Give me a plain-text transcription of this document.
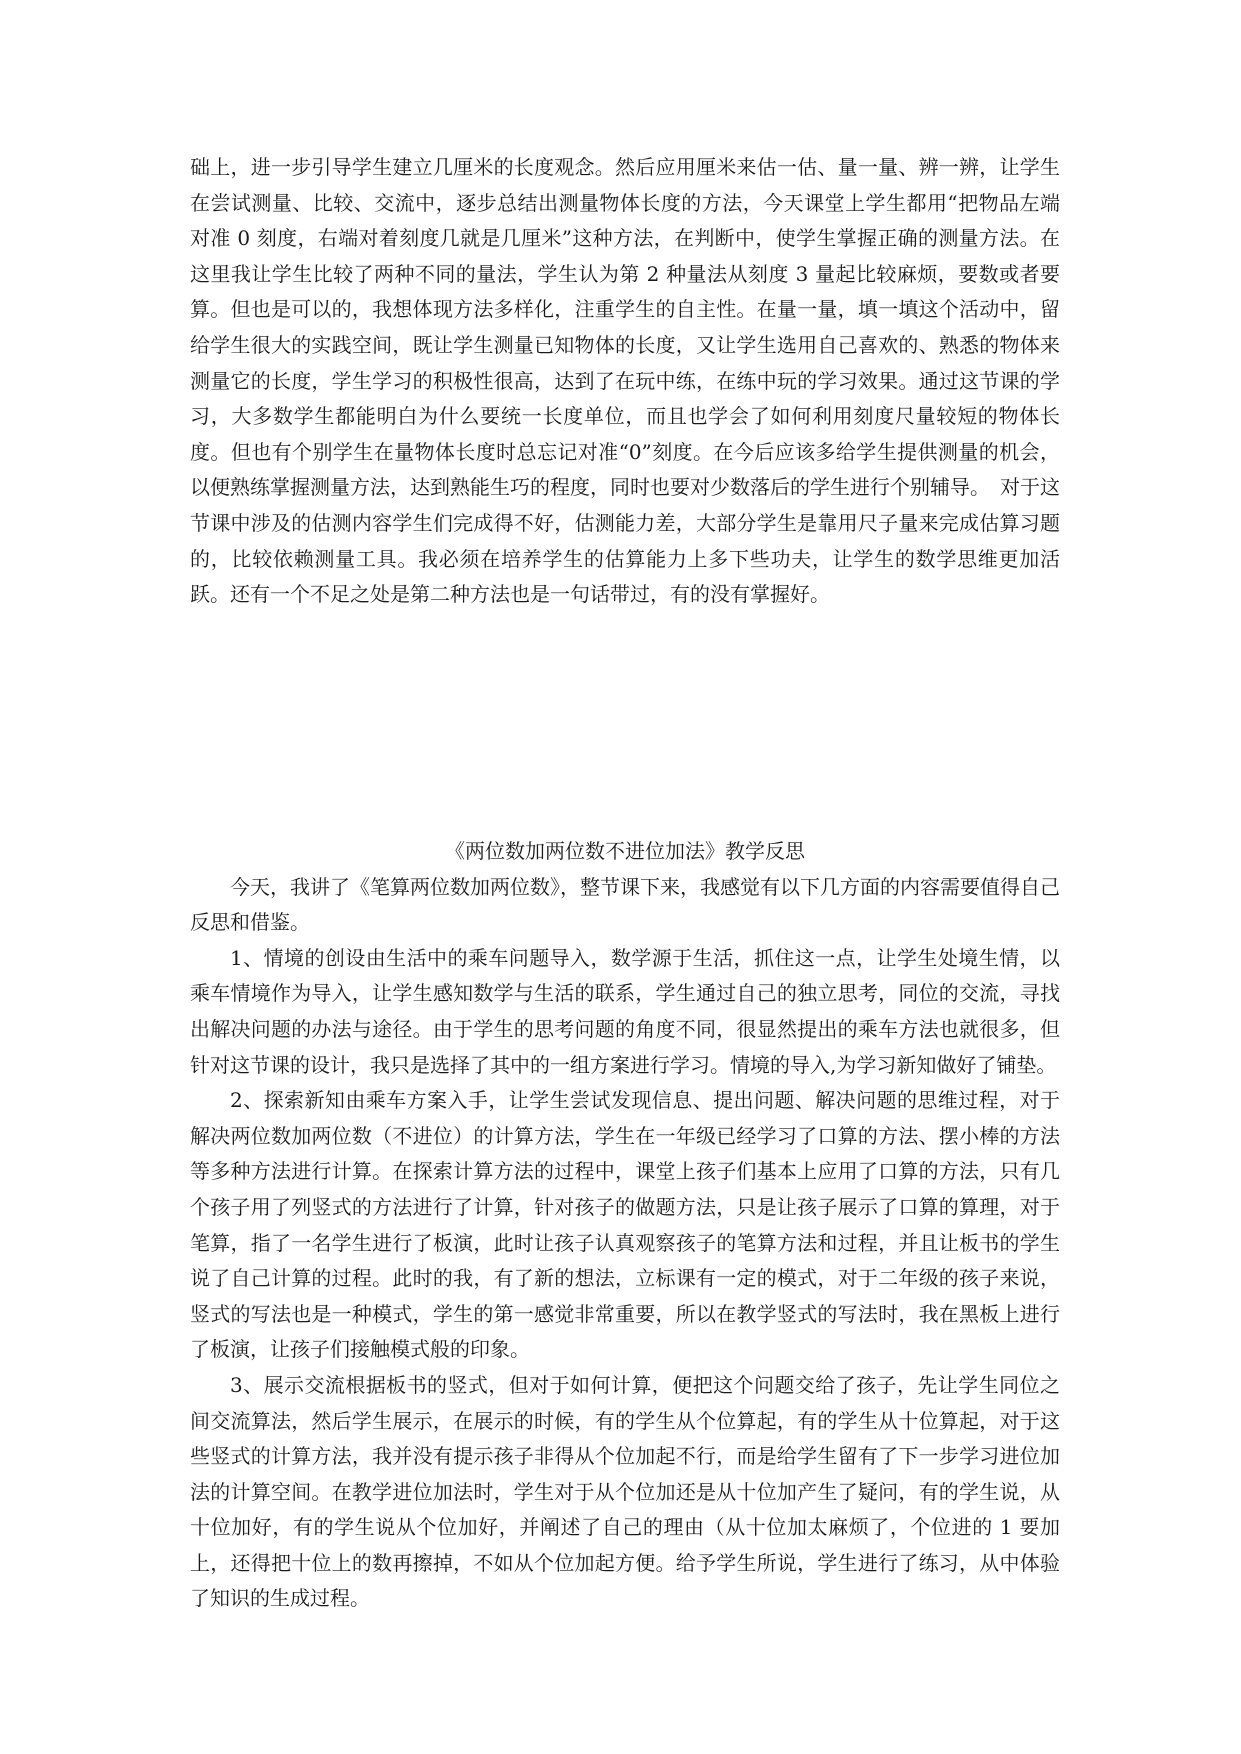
础上，进一步引导学生建立几厘米的长度观念。然后应用厘米来估一估、量一量、辨一辨，让学生在尝试测量、比较、交流中，逐步总结出测量物体长度的方法，今天课堂上学生都用“把物品左端对准 0 刻度，右端对着刻度几就是几厘米”这种方法，在判断中，使学生掌握正确的测量方法。在这里我让学生比较了两种不同的量法，学生认为第 2 种量法从刻度 3 量起比较麻烦，要数或者要算。但也是可以的，我想体现方法多样化，注重学生的自主性。在量一量，填一填这个活动中，留给学生很大的实践空间，既让学生测量已知物体的长度，又让学生选用自己喜欢的、熟悉的物体来测量它的长度，学生学习的积极性很高，达到了在玩中练，在练中玩的学习效果。通过这节课的学习，大多数学生都能明白为什么要统一长度单位，而且也学会了如何利用刻度尺量较短的物体长度。但也有个别学生在量物体长度时总忘记对准“0”刻度。在今后应该多给学生提供测量的机会，以便熟练掌握测量方法，达到熟能生巧的程度，同时也要对少数落后的学生进行个别辅导。　对于这节课中涉及的估测内容学生们完成得不好，估测能力差，大部分学生是靠用尺子量来完成估算习题的，比较依赖测量工具。我必须在培养学生的估算能力上多下些功夫，让学生的数学思维更加活跃。还有一个不足之处是第二种方法也是一句话带过，有的没有掌握好。

《两位数加两位数不进位加法》教学反思

今天，我讲了《笔算两位数加两位数》，整节课下来，我感觉有以下几方面的内容需要值得自己反思和借鉴。

1、情境的创设由生活中的乘车问题导入，数学源于生活，抓住这一点，让学生处境生情，以乘车情境作为导入，让学生感知数学与生活的联系，学生通过自己的独立思考，同位的交流，寻找出解决问题的办法与途径。由于学生的思考问题的角度不同，很显然提出的乘车方法也就很多，但针对这节课的设计，我只是选择了其中的一组方案进行学习。情境的导入,为学习新知做好了铺垫。

2、探索新知由乘车方案入手，让学生尝试发现信息、提出问题、解决问题的思维过程，对于解决两位数加两位数（不进位）的计算方法，学生在一年级已经学习了口算的方法、摆小棒的方法等多种方法进行计算。在探索计算方法的过程中，课堂上孩子们基本上应用了口算的方法，只有几个孩子用了列竖式的方法进行了计算，针对孩子的做题方法，只是让孩子展示了口算的算理，对于笔算，指了一名学生进行了板演，此时让孩子认真观察孩子的笔算方法和过程，并且让板书的学生说了自己计算的过程。此时的我，有了新的想法，立标课有一定的模式，对于二年级的孩子来说，竖式的写法也是一种模式，学生的第一感觉非常重要，所以在教学竖式的写法时，我在黑板上进行了板演，让孩子们接触模式般的印象。

3、展示交流根据板书的竖式，但对于如何计算，便把这个问题交给了孩子，先让学生同位之间交流算法，然后学生展示，在展示的时候，有的学生从个位算起，有的学生从十位算起，对于这些竖式的计算方法，我并没有提示孩子非得从个位加起不行，而是给学生留有了下一步学习进位加法的计算空间。在教学进位加法时，学生对于从个位加还是从十位加产生了疑问，有的学生说，从十位加好，有的学生说从个位加好，并阐述了自己的理由（从十位加太麻烦了，个位进的 1 要加上，还得把十位上的数再擦掉，不如从个位加起方便。给予学生所说，学生进行了练习，从中体验了知识的生成过程。
